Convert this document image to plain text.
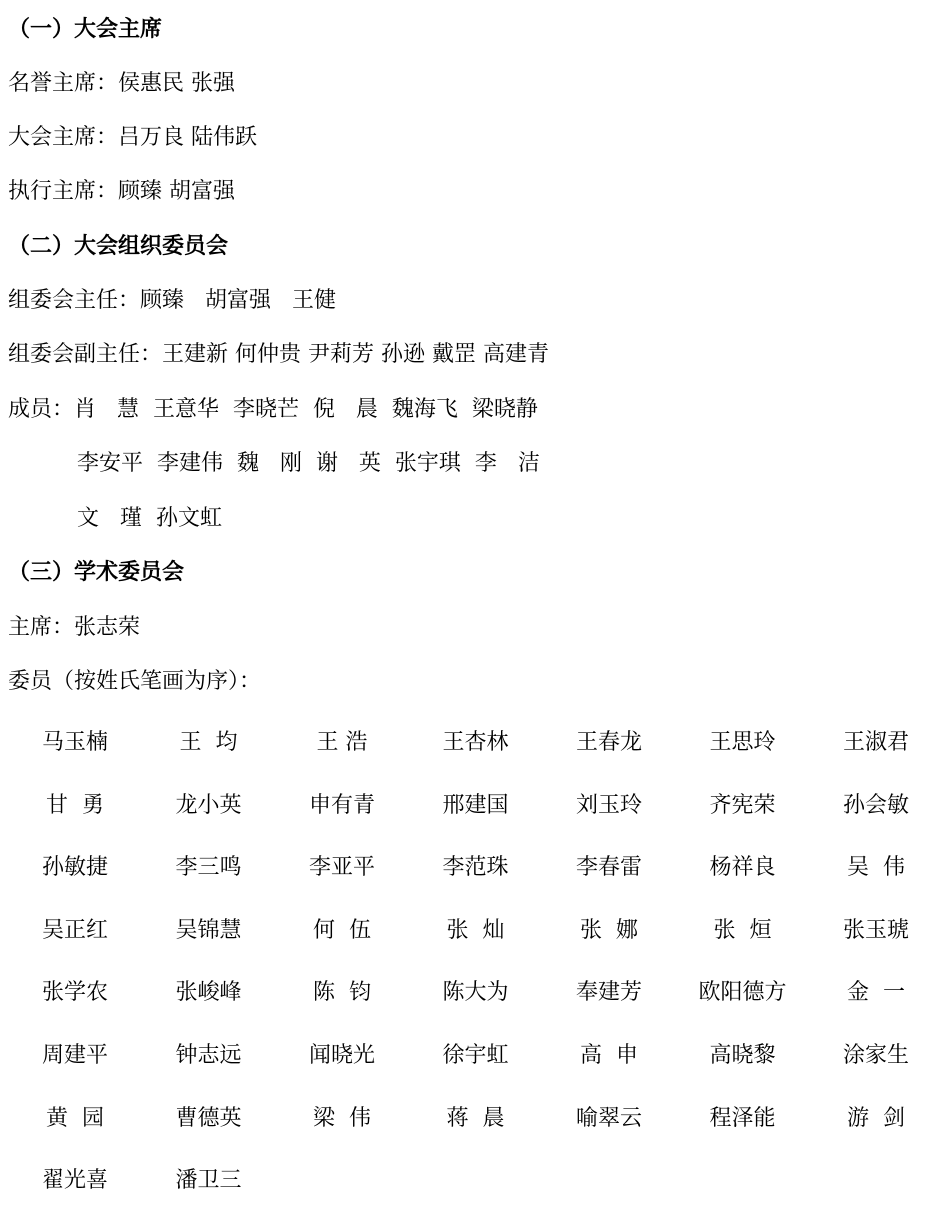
（一）大会主席
名誉主席：侯惠民 张强
大会主席：吕万良 陆伟跃
执行主席：顾臻 胡富强
（二）大会组织委员会
组委会主任：顾臻   胡富强   王健
组委会副主任：王建新 何仲贵 尹莉芳 孙逊 戴罡 高建青
成员：肖   慧  王意华  李晓芒  倪   晨  魏海飞  梁晓静
李安平  李建伟  魏   刚  谢   英  张宇琪  李   洁
文   瑾  孙文虹
（三）学术委员会
主席：张志荣
委员（按姓氏笔画为序）：
马玉楠	王  均	王 浩	王杏林	王春龙	王思玲	王淑君
甘  勇	龙小英	申有青	邢建国	刘玉玲	齐宪荣	孙会敏
孙敏捷	李三鸣	李亚平	李范珠	李春雷	杨祥良	吴  伟
吴正红	吴锦慧	何  伍	张  灿	张  娜	张  烜	张玉琥
张学农	张峻峰	陈  钧	陈大为	奉建芳	欧阳德方	金  一
周建平	钟志远	闻晓光	徐宇虹	高  申	高晓黎	涂家生
黄  园	曹德英	梁  伟	蒋  晨	喻翠云	程泽能	游  剑
翟光喜	潘卫三
